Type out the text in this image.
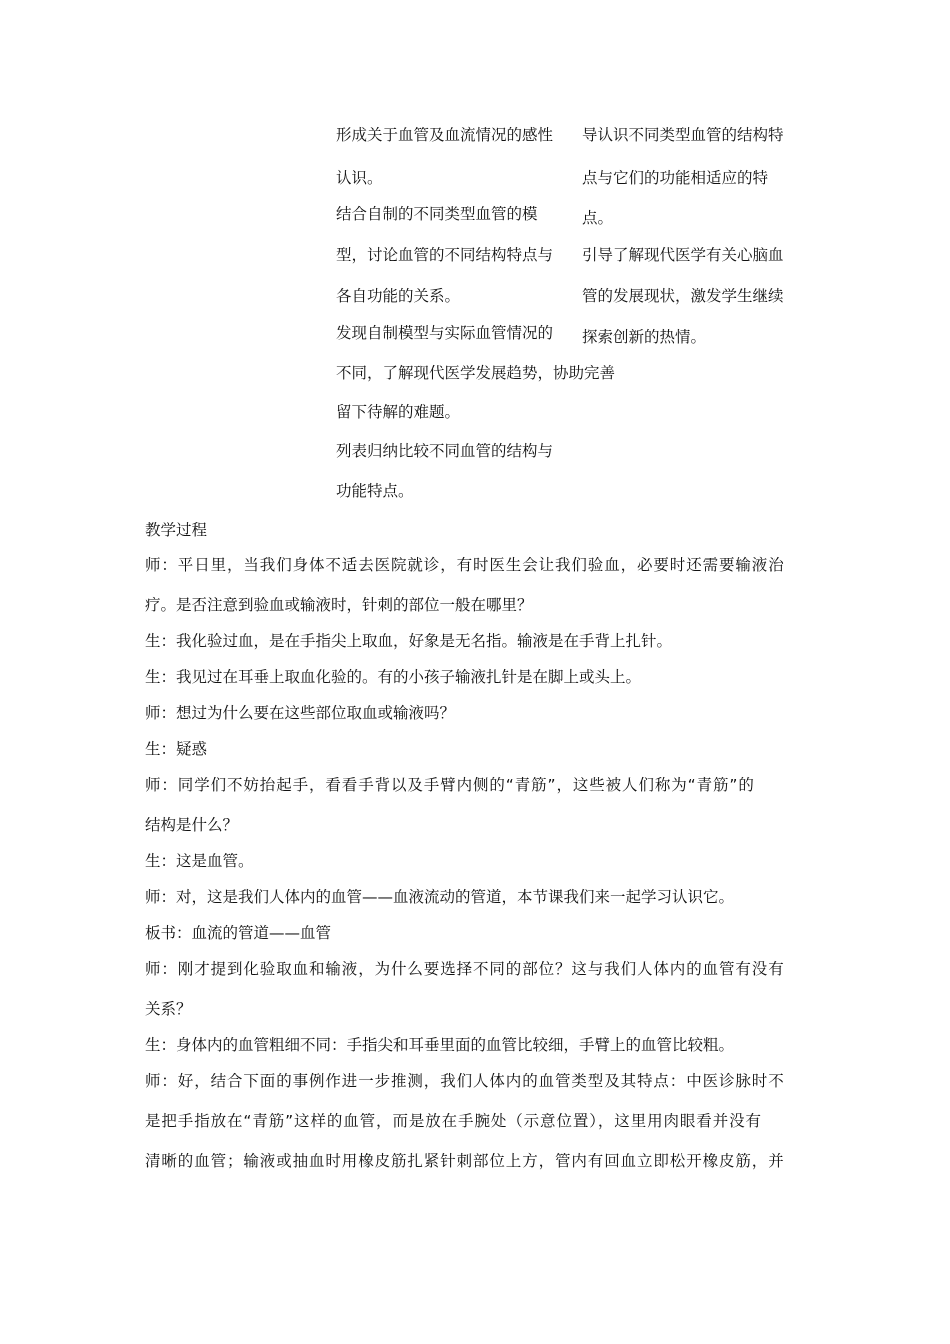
形成关于血管及血流情况的感性
认识。
结合自制的不同类型血管的模
型，讨论血管的不同结构特点与
各自功能的关系。
发现自制模型与实际血管情况的
不同，了解现代医学发展趋势，协助完善
留下待解的难题。
列表归纳比较不同血管的结构与
功能特点。
导认识不同类型血管的结构特
点与它们的功能相适应的特
点。
引导了解现代医学有关心脑血
管的发展现状，激发学生继续
探索创新的热情。
教学过程
师：平日里，当我们身体不适去医院就诊，有时医生会让我们验血，必要时还需要输液治
疗。是否注意到验血或输液时，针刺的部位一般在哪里？
生：我化验过血，是在手指尖上取血，好象是无名指。输液是在手背上扎针。
生：我见过在耳垂上取血化验的。有的小孩子输液扎针是在脚上或头上。
师：想过为什么要在这些部位取血或输液吗？
生：疑惑
师：同学们不妨抬起手，看看手背以及手臂内侧的“青筋”，这些被人们称为“青筋”的
结构是什么？
生：这是血管。
师：对，这是我们人体内的血管——血液流动的管道，本节课我们来一起学习认识它。
板书：血流的管道——血管
师：刚才提到化验取血和输液，为什么要选择不同的部位？这与我们人体内的血管有没有
关系？
生：身体内的血管粗细不同：手指尖和耳垂里面的血管比较细，手臂上的血管比较粗。
师：好，结合下面的事例作进一步推测，我们人体内的血管类型及其特点：中医诊脉时不
是把手指放在“青筋”这样的血管，而是放在手腕处（示意位置），这里用肉眼看并没有
清晰的血管；输液或抽血时用橡皮筋扎紧针刺部位上方，管内有回血立即松开橡皮筋，并
